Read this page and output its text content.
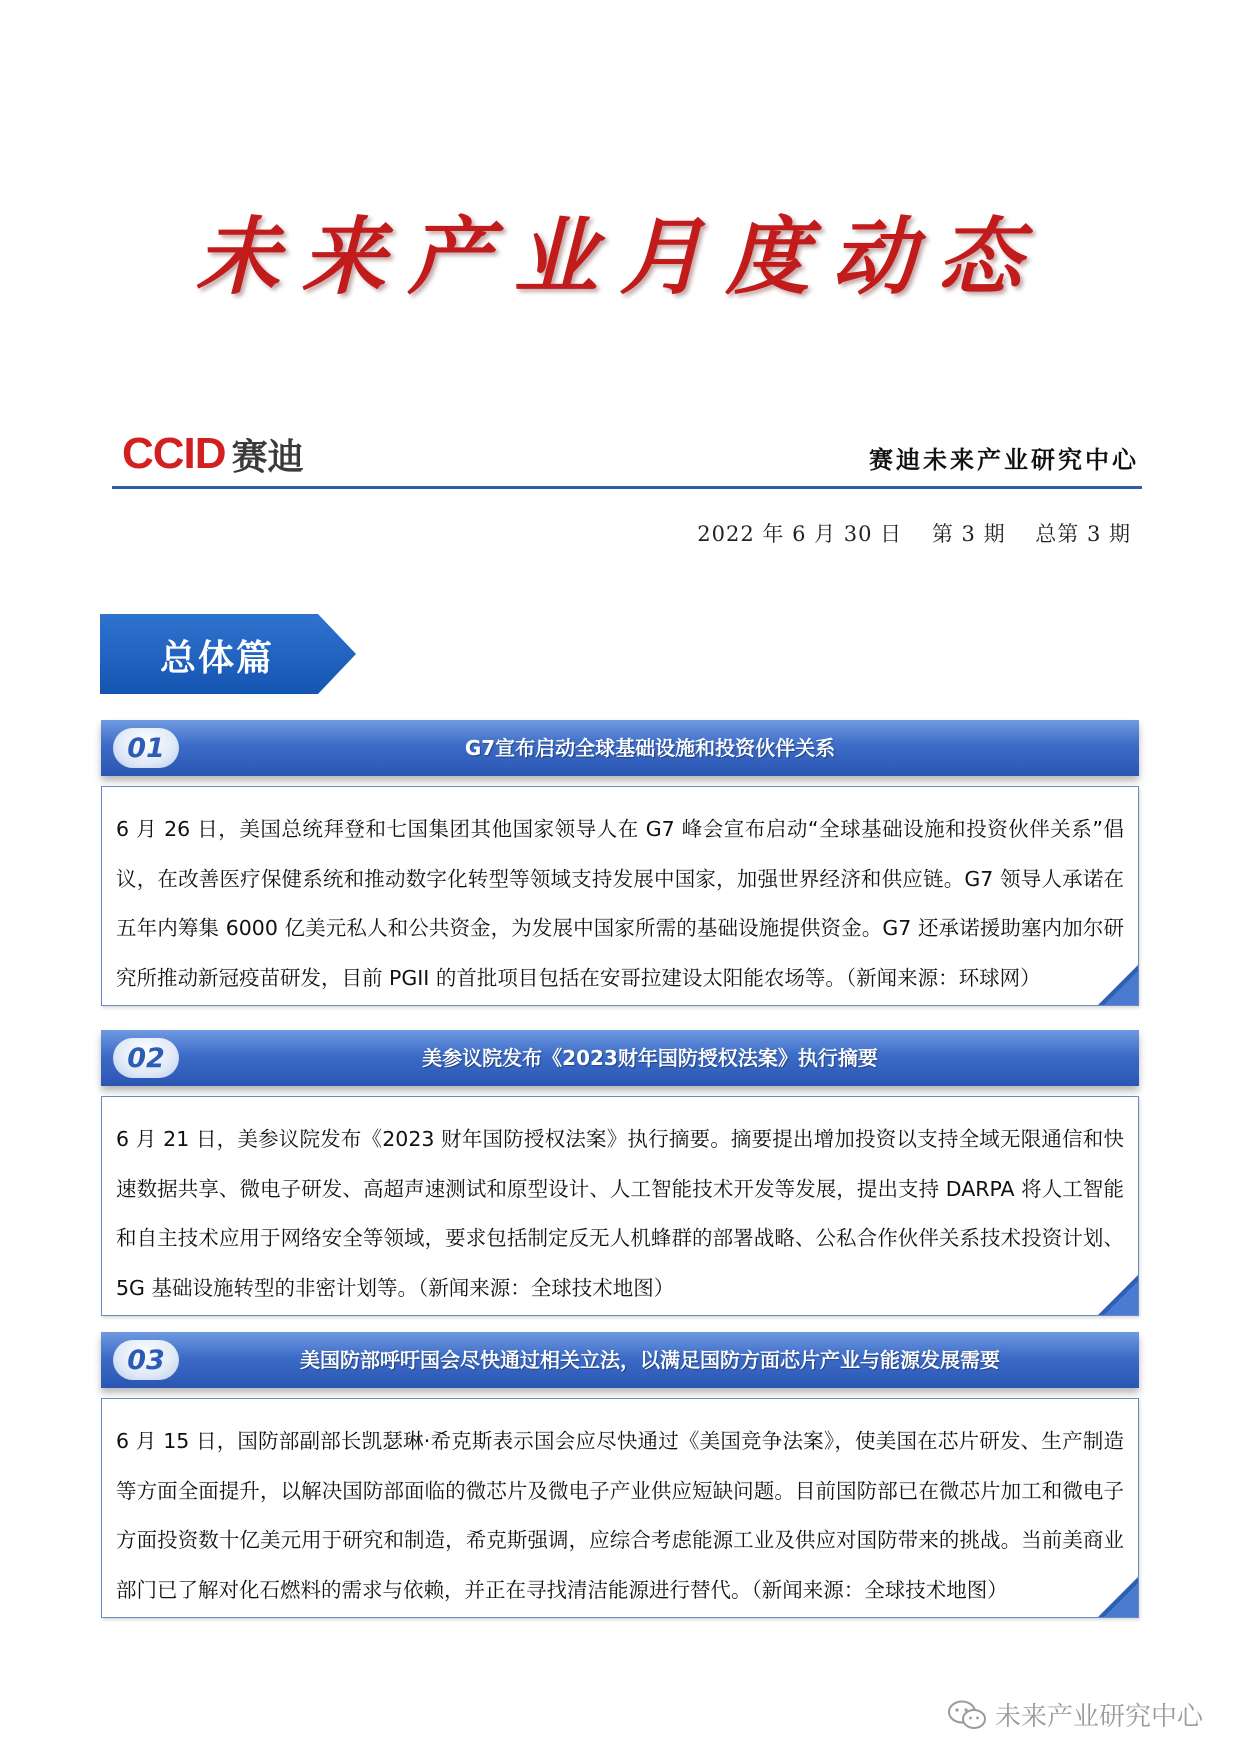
未来产业月度动态
CCID 赛迪	赛迪未来产业研究中心
2022 年 6 月 30 日 第 3 期 总第 3 期
总体篇
01	G7宣布启动全球基础设施和投资伙伴关系

6 月 26 日，美国总统拜登和七国集团其他国家领导人在 G7 峰会宣布启动“全球基础设施和投资伙伴关系”倡议，在改善医疗保健系统和推动数字化转型等领域支持发展中国家，加强世界经济和供应链。G7 领导人承诺在五年内筹集 6000 亿美元私人和公共资金，为发展中国家所需的基础设施提供资金。G7 还承诺援助塞内加尔研究所推动新冠疫苗研发，目前 PGII 的首批项目包括在安哥拉建设太阳能农场等。（新闻来源：环球网）

02	美参议院发布《2023财年国防授权法案》执行摘要

6 月 21 日，美参议院发布《2023 财年国防授权法案》执行摘要。摘要提出增加投资以支持全域无限通信和快速数据共享、微电子研发、高超声速测试和原型设计、人工智能技术开发等发展，提出支持 DARPA 将人工智能和自主技术应用于网络安全等领域，要求包括制定反无人机蜂群的部署战略、公私合作伙伴关系技术投资计划、5G 基础设施转型的非密计划等。（新闻来源：全球技术地图）

03	美国防部呼吁国会尽快通过相关立法，以满足国防方面芯片产业与能源发展需要

6 月 15 日，国防部副部长凯瑟琳·希克斯表示国会应尽快通过《美国竞争法案》，使美国在芯片研发、生产制造等方面全面提升，以解决国防部面临的微芯片及微电子产业供应短缺问题。目前国防部已在微芯片加工和微电子方面投资数十亿美元用于研究和制造，希克斯强调，应综合考虑能源工业及供应对国防带来的挑战。当前美商业部门已了解对化石燃料的需求与依赖，并正在寻找清洁能源进行替代。（新闻来源：全球技术地图）

未来产业研究中心
